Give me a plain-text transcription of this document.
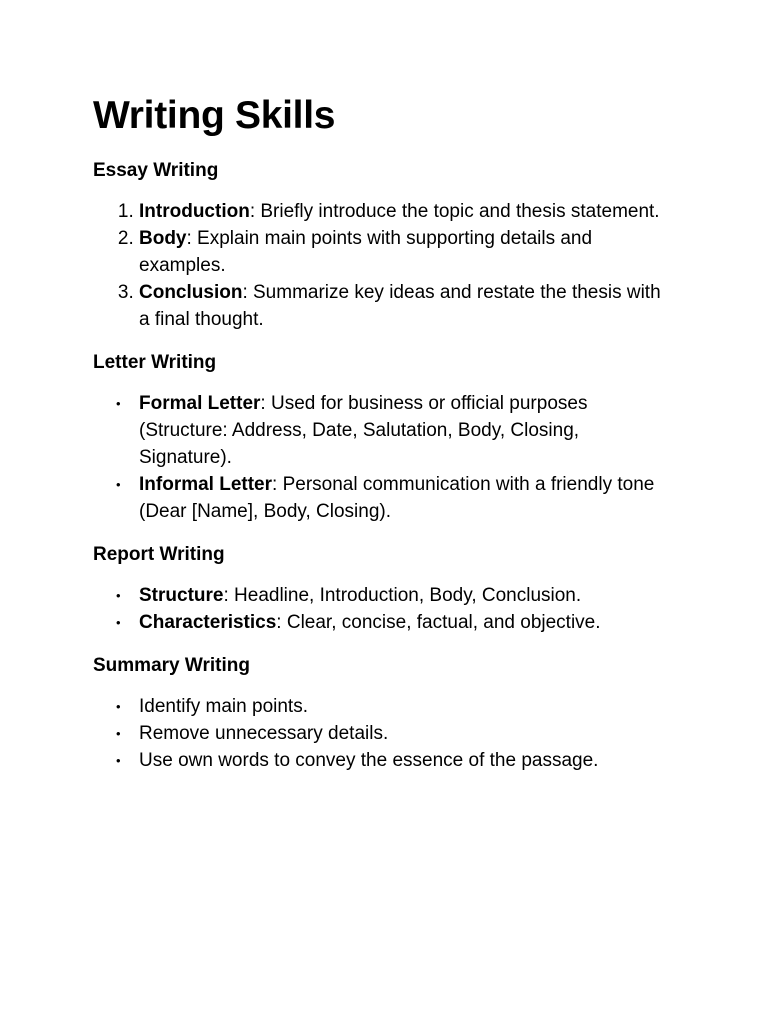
Writing Skills
Essay Writing
1. Introduction: Briefly introduce the topic and thesis statement.
2. Body: Explain main points with supporting details and examples.
3. Conclusion: Summarize key ideas and restate the thesis with a final thought.
Letter Writing
• Formal Letter: Used for business or official purposes (Structure: Address, Date, Salutation, Body, Closing, Signature).
• Informal Letter: Personal communication with a friendly tone (Dear [Name], Body, Closing).
Report Writing
• Structure: Headline, Introduction, Body, Conclusion.
• Characteristics: Clear, concise, factual, and objective.
Summary Writing
• Identify main points.
• Remove unnecessary details.
• Use own words to convey the essence of the passage.
